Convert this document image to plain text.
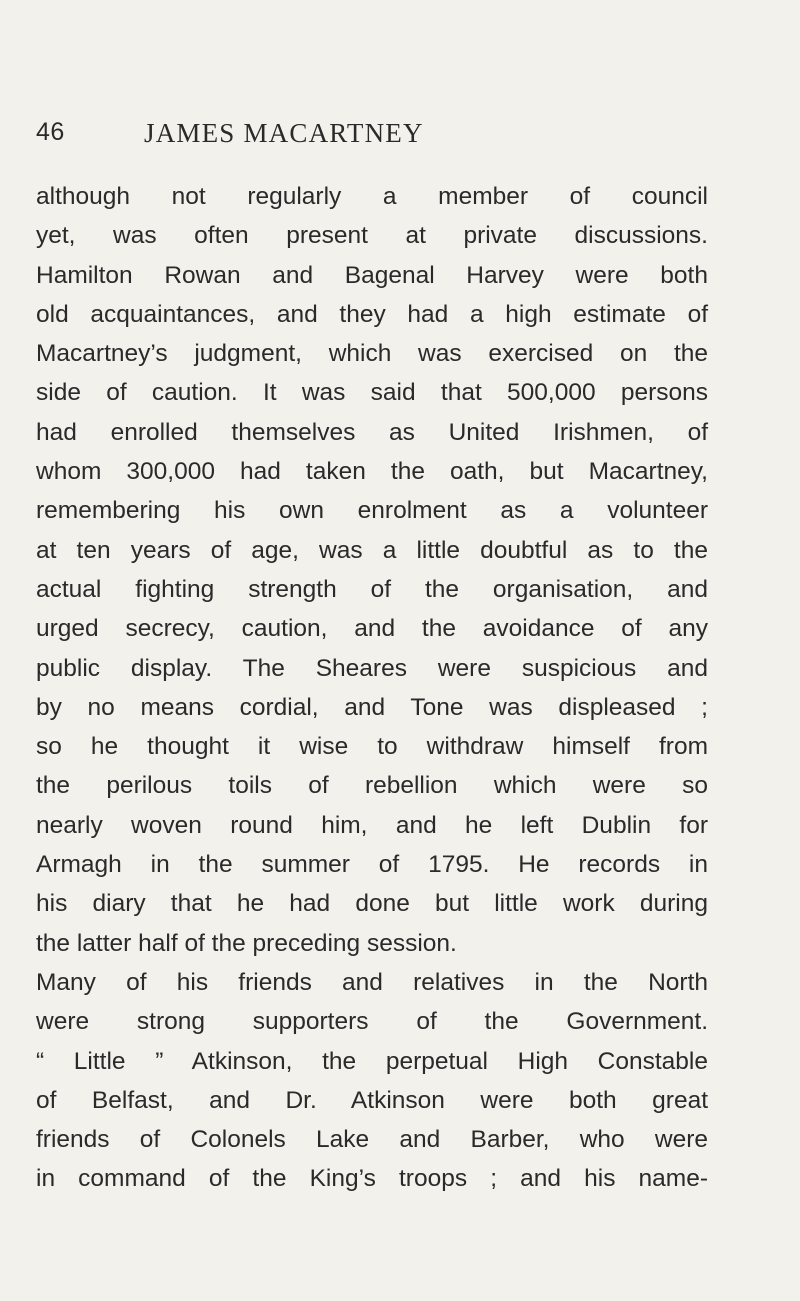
46	JAMES MACARTNEY
although not regularly a member of council
yet, was often present at private discussions.
Hamilton Rowan and Bagenal Harvey were both
old acquaintances, and they had a high estimate of
Macartney’s judgment, which was exercised on the
side of caution. It was said that 500,000 persons
had enrolled themselves as United Irishmen, of
whom 300,000 had taken the oath, but Macartney,
remembering his own enrolment as a volunteer
at ten years of age, was a little doubtful as to the
actual fighting strength of the organisation, and
urged secrecy, caution, and the avoidance of any
public display. The Sheares were suspicious and
by no means cordial, and Tone was displeased ;
so he thought it wise to withdraw himself from
the perilous toils of rebellion which were so
nearly woven round him, and he left Dublin for
Armagh in the summer of 1795. He records in
his diary that he had done but little work during
the latter half of the preceding session.
Many of his friends and relatives in the North
were strong supporters of the Government.
“ Little ” Atkinson, the perpetual High Constable
of Belfast, and Dr. Atkinson were both great
friends of Colonels Lake and Barber, who were
in command of the King’s troops ; and his name-
